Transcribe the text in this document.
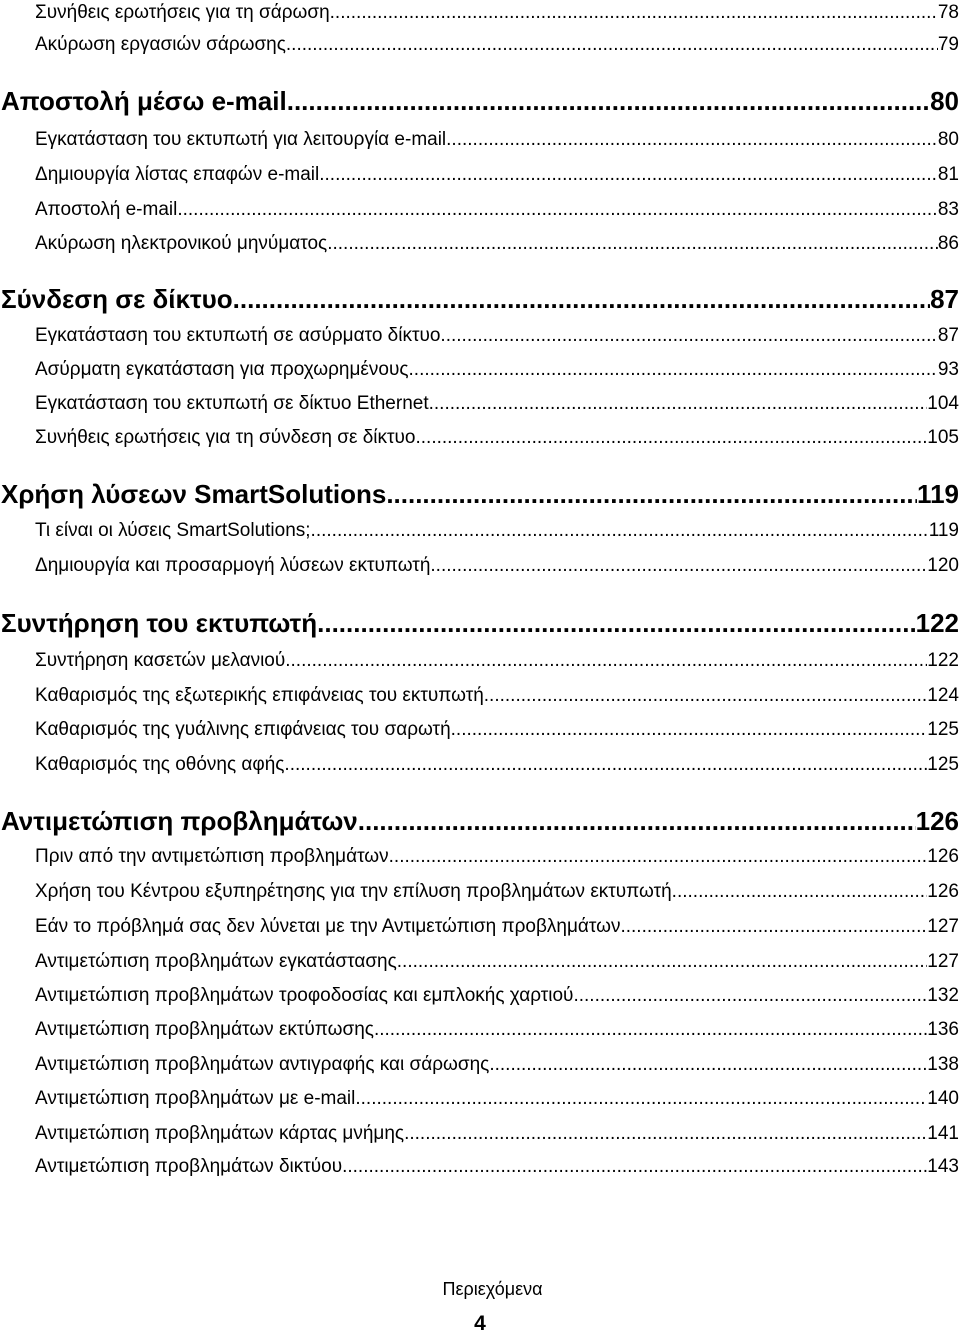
Συνήθεις ερωτήσεις για τη σάρωση .....	78
Ακύρωση εργασιών σάρωσης .....	79
Αποστολή μέσω e-mail .....	80
Εγκατάσταση του εκτυπωτή για λειτουργία e-mail .....	80
Δημιουργία λίστας επαφών e-mail .....	81
Αποστολή e-mail .....	83
Ακύρωση ηλεκτρονικού μηνύματος .....	86
Σύνδεση σε δίκτυο .....	87
Εγκατάσταση του εκτυπωτή σε ασύρματο δίκτυο .....	87
Ασύρματη εγκατάσταση για προχωρημένους .....	93
Εγκατάσταση του εκτυπωτή σε δίκτυο Ethernet .....	104
Συνήθεις ερωτήσεις για τη σύνδεση σε δίκτυο .....	105
Χρήση λύσεων SmartSolutions .....	119
Τι είναι οι λύσεις SmartSolutions; .....	119
Δημιουργία και προσαρμογή λύσεων εκτυπωτή .....	120
Συντήρηση του εκτυπωτή .....	122
Συντήρηση κασετών μελανιού .....	122
Καθαρισμός της εξωτερικής επιφάνειας του εκτυπωτή .....	124
Καθαρισμός της γυάλινης επιφάνειας του σαρωτή .....	125
Καθαρισμός της οθόνης αφής .....	125
Αντιμετώπιση προβλημάτων .....	126
Πριν από την αντιμετώπιση προβλημάτων .....	126
Χρήση του Κέντρου εξυπηρέτησης για την επίλυση προβλημάτων εκτυπωτή .....	126
Εάν το πρόβλημά σας δεν λύνεται με την Αντιμετώπιση προβλημάτων .....	127
Αντιμετώπιση προβλημάτων εγκατάστασης .....	127
Αντιμετώπιση προβλημάτων τροφοδοσίας και εμπλοκής χαρτιού .....	132
Αντιμετώπιση προβλημάτων εκτύπωσης .....	136
Αντιμετώπιση προβλημάτων αντιγραφής και σάρωσης .....	138
Αντιμετώπιση προβλημάτων με e-mail .....	140
Αντιμετώπιση προβλημάτων κάρτας μνήμης .....	141
Αντιμετώπιση προβλημάτων δικτύου .....	143
Περιεχόμενα
4
